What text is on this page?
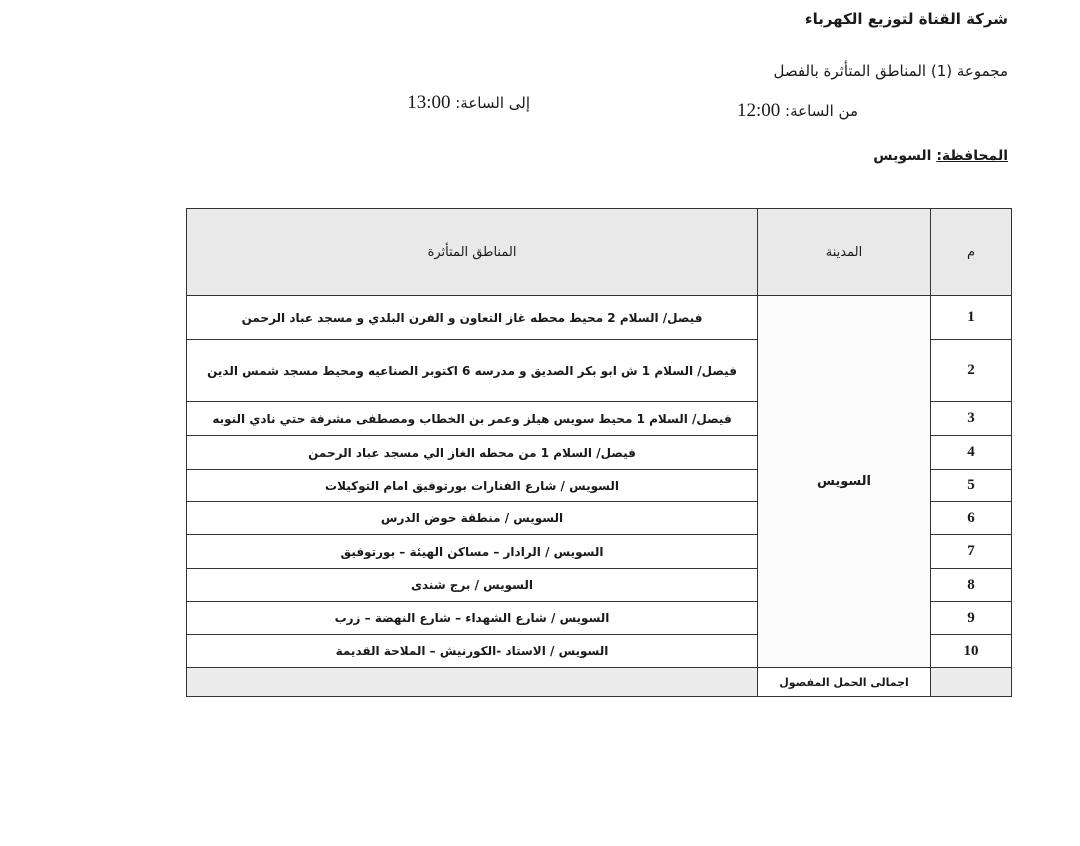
شركة القناة لتوزيع الكهرباء
مجموعة (1) المناطق المتأثرة بالفصل
من الساعة: 12:00
إلى الساعة: 13:00
المحافظة: السويس
م	المدينة	المناطق المتأثرة
1	السويس	فيصل/ السلام 2 محيط محطه غاز التعاون و الفرن البلدي و مسجد عباد الرحمن
2		فيصل/ السلام 1 ش ابو بكر الصديق و مدرسه 6 اكتوبر الصناعيه ومحيط مسجد شمس الدين
3		فيصل/ السلام 1 محيط سويس هيلز وعمر بن الخطاب ومصطفى مشرفة حتي نادي النوبه
4		فيصل/ السلام 1 من محطه الغاز الي مسجد عباد الرحمن
5		السويس / شارع الفنارات بورتوفيق امام التوكيلات
6		السويس / منطقة حوض الدرس
7		السويس / الرادار – مساكن الهيئة – بورتوفيق
8		السويس / برج شندى
9		السويس / شارع الشهداء – شارع النهضة – زرب
10		السويس / الاستاد -الكورنيش – الملاحة القديمة
	اجمالى الحمل المفصول	
